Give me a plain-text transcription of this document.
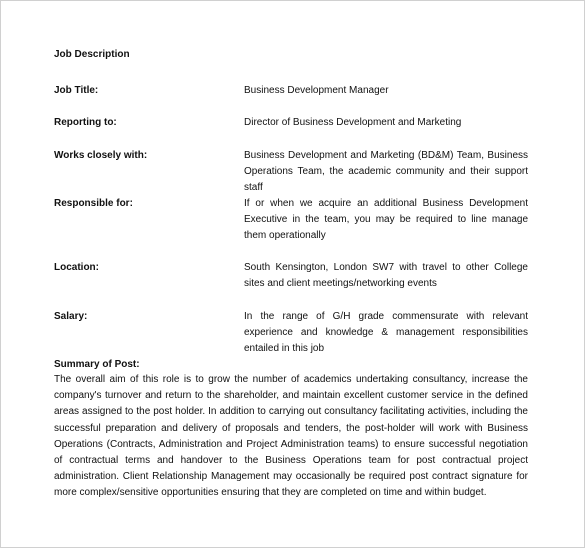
Job Description
Job Title:	Business Development Manager
Reporting to:	Director of Business Development and Marketing
Works closely with:	Business Development and Marketing (BD&M) Team, Business Operations Team, the academic community and their support staff
Responsible for:	If or when we acquire an additional Business Development Executive in the team, you may be required to line manage them operationally
Location:	South Kensington, London SW7 with travel to other College sites and client meetings/networking events
Salary:	In the range of G/H grade commensurate with relevant experience and knowledge & management responsibilities entailed in this job
Summary of Post:
The overall aim of this role is to grow the number of academics undertaking consultancy, increase the company's turnover and return to the shareholder, and maintain excellent customer service in the defined areas assigned to the post holder. In addition to carrying out consultancy facilitating activities, including the successful preparation and delivery of proposals and tenders, the post-holder will work with Business Operations (Contracts, Administration and Project Administration teams) to ensure successful negotiation of contractual terms and handover to the Business Operations team for post contractual project administration. Client Relationship Management may occasionally be required post contract signature for more complex/sensitive opportunities ensuring that they are completed on time and within budget.
